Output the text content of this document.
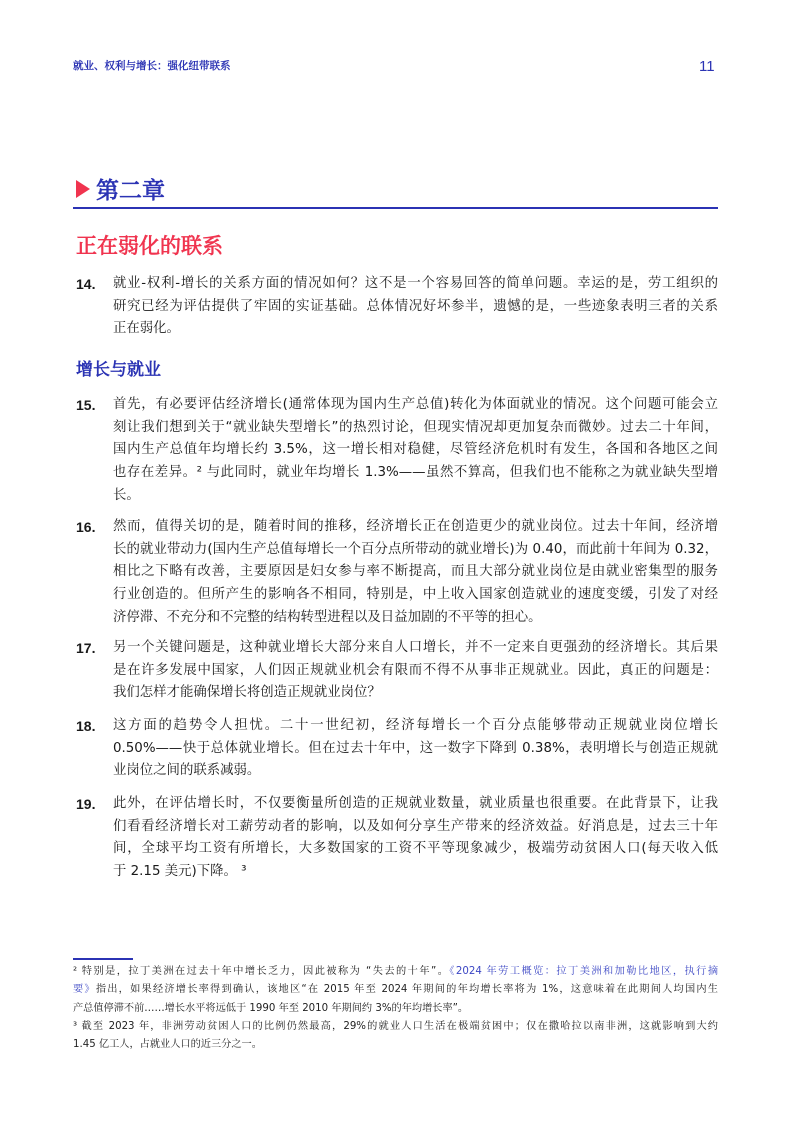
就业、权利与增长：强化纽带联系	11
第二章
正在弱化的联系
14. 就业-权利-增长的关系方面的情况如何？这不是一个容易回答的简单问题。幸运的是，劳工组织的
研究已经为评估提供了牢固的实证基础。总体情况好坏参半，遗憾的是，一些迹象表明三者的关系
正在弱化。
增长与就业
15. 首先，有必要评估经济增长(通常体现为国内生产总值)转化为体面就业的情况。这个问题可能会立
刻让我们想到关于“就业缺失型增长”的热烈讨论，但现实情况却更加复杂而微妙。过去二十年间，
国内生产总值年均增长约 3.5%，这一增长相对稳健，尽管经济危机时有发生，各国和各地区之间
也存在差异。² 与此同时，就业年均增长 1.3%——虽然不算高，但我们也不能称之为就业缺失型增
长。
16. 然而，值得关切的是，随着时间的推移，经济增长正在创造更少的就业岗位。过去十年间，经济增
长的就业带动力(国内生产总值每增长一个百分点所带动的就业增长)为 0.40，而此前十年间为 0.32，
相比之下略有改善，主要原因是妇女参与率不断提高，而且大部分就业岗位是由就业密集型的服务
行业创造的。但所产生的影响各不相同，特别是，中上收入国家创造就业的速度变缓，引发了对经
济停滞、不充分和不完整的结构转型进程以及日益加剧的不平等的担心。
17. 另一个关键问题是，这种就业增长大部分来自人口增长，并不一定来自更强劲的经济增长。其后果
是在许多发展中国家，人们因正规就业机会有限而不得不从事非正规就业。因此，真正的问题是：
我们怎样才能确保增长将创造正规就业岗位？
18. 这方面的趋势令人担忧。二十一世纪初，经济每增长一个百分点能够带动正规就业岗位增长
0.50%——快于总体就业增长。但在过去十年中，这一数字下降到 0.38%，表明增长与创造正规就
业岗位之间的联系减弱。
19. 此外，在评估增长时，不仅要衡量所创造的正规就业数量，就业质量也很重要。在此背景下，让我
们看看经济增长对工薪劳动者的影响，以及如何分享生产带来的经济效益。好消息是，过去三十年
间，全球平均工资有所增长，大多数国家的工资不平等现象减少，极端劳动贫困人口(每天收入低
于 2.15 美元)下降。 ³
² 特别是，拉丁美洲在过去十年中增长乏力，因此被称为 “失去的十年”。《2024 年劳工概览：拉丁美洲和加勒比地区，执行摘
要》指出，如果经济增长率得到确认，该地区“在 2015 年至 2024 年期间的年均增长率将为 1%，这意味着在此期间人均国内生
产总值停滞不前……增长水平将远低于 1990 年至 2010 年期间约 3%的年均增长率”。
³ 截至 2023 年，非洲劳动贫困人口的比例仍然最高，29%的就业人口生活在极端贫困中；仅在撒哈拉以南非洲，这就影响到大约
1.45 亿工人，占就业人口的近三分之一。
